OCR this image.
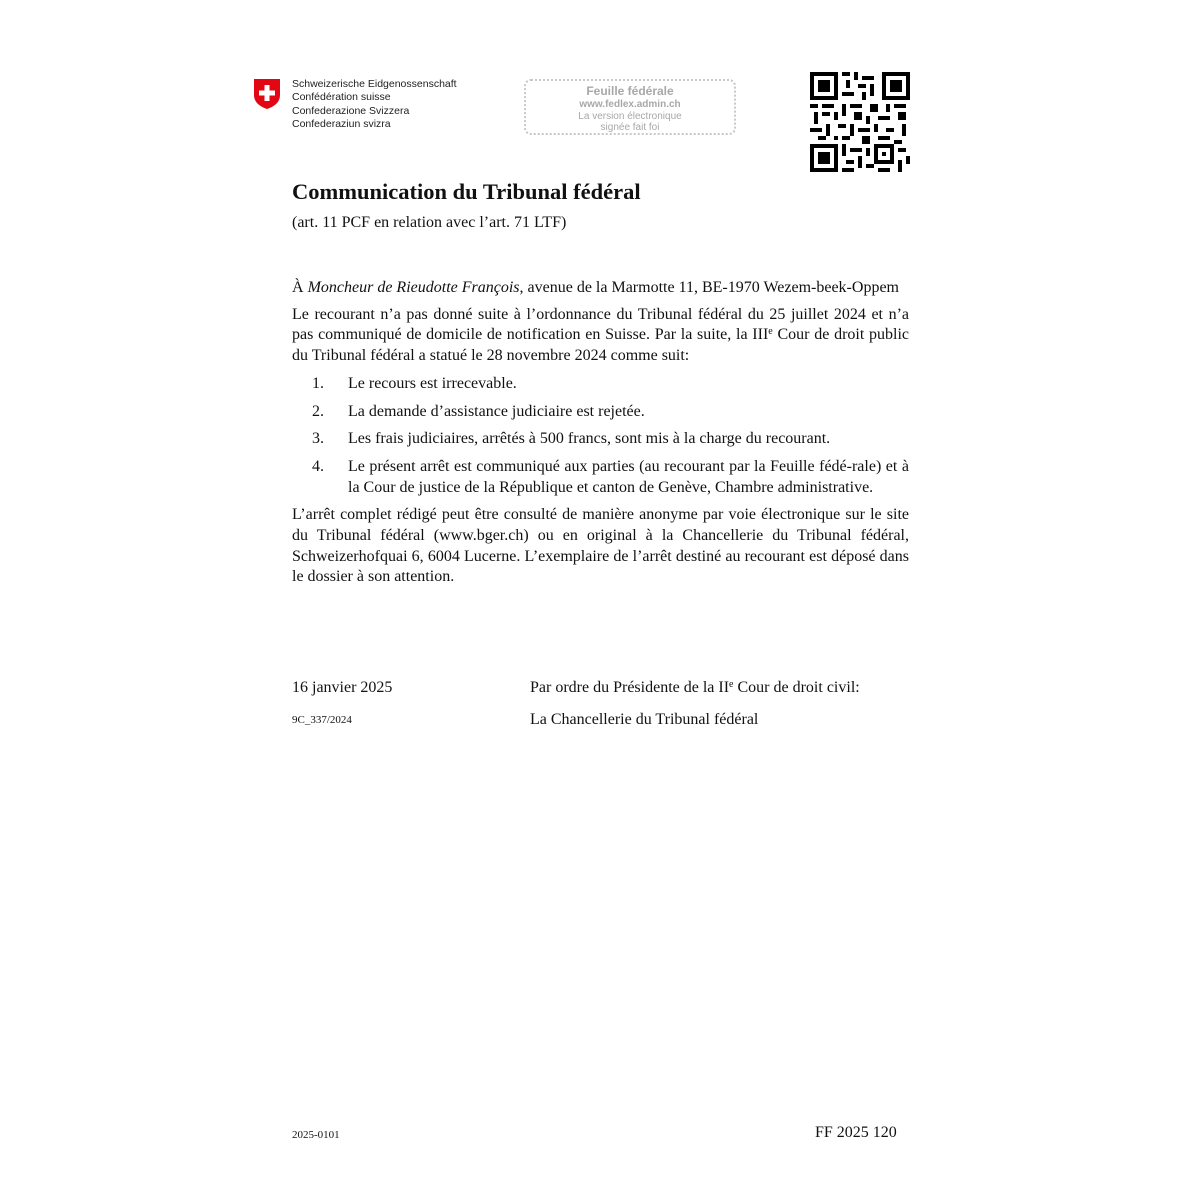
Schweizerische Eidgenossenschaft
Confédération suisse
Confederazione Svizzera
Confederaziun svizra
Feuille fédérale
www.fedlex.admin.ch
La version électronique
signée fait foi
Communication du Tribunal fédéral
(art. 11 PCF en relation avec l’art. 71 LTF)

À Moncheur de Rieudotte François, avenue de la Marmotte 11, BE-1970 Wezem-beek-Oppem

Le recourant n’a pas donné suite à l’ordonnance du Tribunal fédéral du 25 juillet 2024 et n’a pas communiqué de domicile de notification en Suisse. Par la suite, la IIIe Cour de droit public du Tribunal fédéral a statué le 28 novembre 2024 comme suit:

1.	Le recours est irrecevable.
2.	La demande d’assistance judiciaire est rejetée.
3.	Les frais judiciaires, arrêtés à 500 francs, sont mis à la charge du recourant.
4.	Le présent arrêt est communiqué aux parties (au recourant par la Feuille fédé-rale) et à la Cour de justice de la République et canton de Genève, Chambre administrative.

L’arrêt complet rédigé peut être consulté de manière anonyme par voie électronique sur le site du Tribunal fédéral (www.bger.ch) ou en original à la Chancellerie du Tribunal fédéral, Schweizerhofquai 6, 6004 Lucerne. L’exemplaire de l’arrêt destiné au recourant est déposé dans le dossier à son attention.

16 janvier 2025
9C_337/2024
Par ordre du Présidente de la IIe Cour de droit civil:
La Chancellerie du Tribunal fédéral
2025-0101	FF 2025 120
